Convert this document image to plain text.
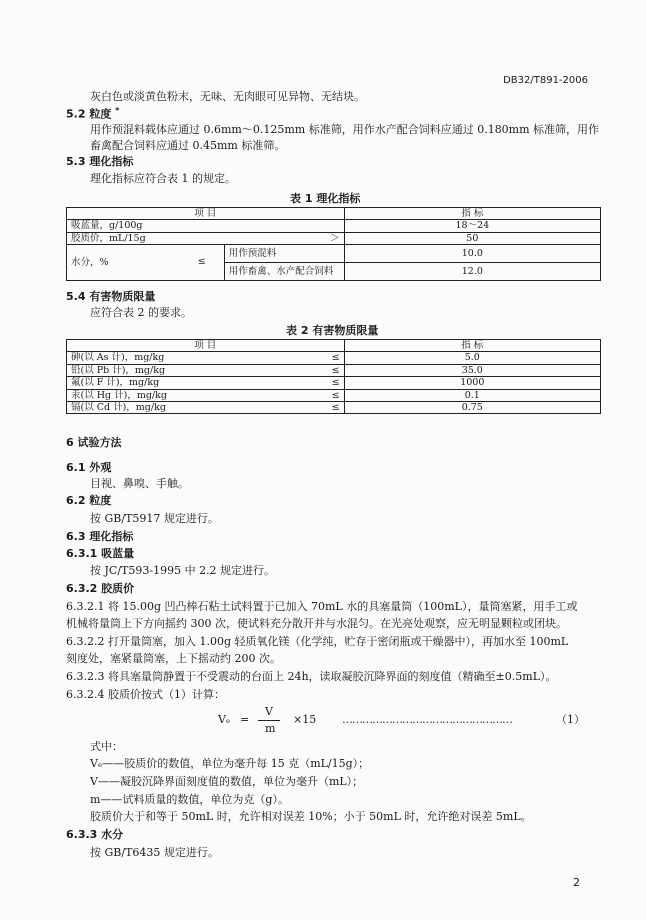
DB32/T891-2006
灰白色或淡黄色粉末，无味、无肉眼可见异物、无结块。
5.2 粒度 *
用作预混料载体应通过 0.6mm～0.125mm 标准筛，用作水产配合饲料应通过 0.180mm 标准筛，用作
畜禽配合饲料应通过 0.45mm 标准筛。
5.3 理化指标
理化指标应符合表 1 的规定。
表 1 理化指标
项 目			指 标
吸蓝量，g/100g			18～24
胶质价，mL/15g		＞	50
水分，% ≤	用作预混料		10.0
	用作畜禽、水产配合饲料		12.0
5.4 有害物质限量
应符合表 2 的要求。
表 2 有害物质限量
项 目		指 标
砷(以 As 计)，mg/kg	≤	5.0
铅(以 Pb 计)，mg/kg	≤	35.0
氟(以 F 计)，mg/kg	≤	1000
汞(以 Hg 计)，mg/kg	≤	0.1
镉(以 Cd 计)，mg/kg	≤	0.75
6 试验方法
6.1 外观
目视、鼻嗅、手触。
6.2 粒度
按 GB/T5917 规定进行。
6.3 理化指标
6.3.1 吸蓝量
按 JC/T593-1995 中 2.2 规定进行。
6.3.2 胶质价
6.3.2.1 将 15.00g 凹凸棒石粘土试料置于已加入 70mL 水的具塞量筒（100mL），量筒塞紧，用手工或
机械将量筒上下方向摇约 300 次，使试料充分散开并与水混匀。在光亮处观察，应无明显颗粒或团块。
6.3.2.2 打开量筒塞，加入 1.00g 轻质氧化镁（化学纯，贮存于密闭瓶或干燥器中），再加水至 100mL
刻度处，塞紧量筒塞，上下摇动约 200 次。
6.3.2.3 将具塞量筒静置于不受震动的台面上 24h，读取凝胶沉降界面的刻度值（精确至±0.5mL）。
6.3.2.4 胶质价按式（1）计算：
Vₑ =
V
m
×15 ……………………………………………	（1）
式中：
Vₑ——胶质价的数值，单位为毫升每 15 克（mL/15g）；
V——凝胶沉降界面刻度值的数值，单位为毫升（mL）；
m——试料质量的数值，单位为克（g）。
胶质价大于和等于 50mL 时，允许相对误差 10%；小于 50mL 时，允许绝对误差 5mL。
6.3.3 水分
按 GB/T6435 规定进行。
2
